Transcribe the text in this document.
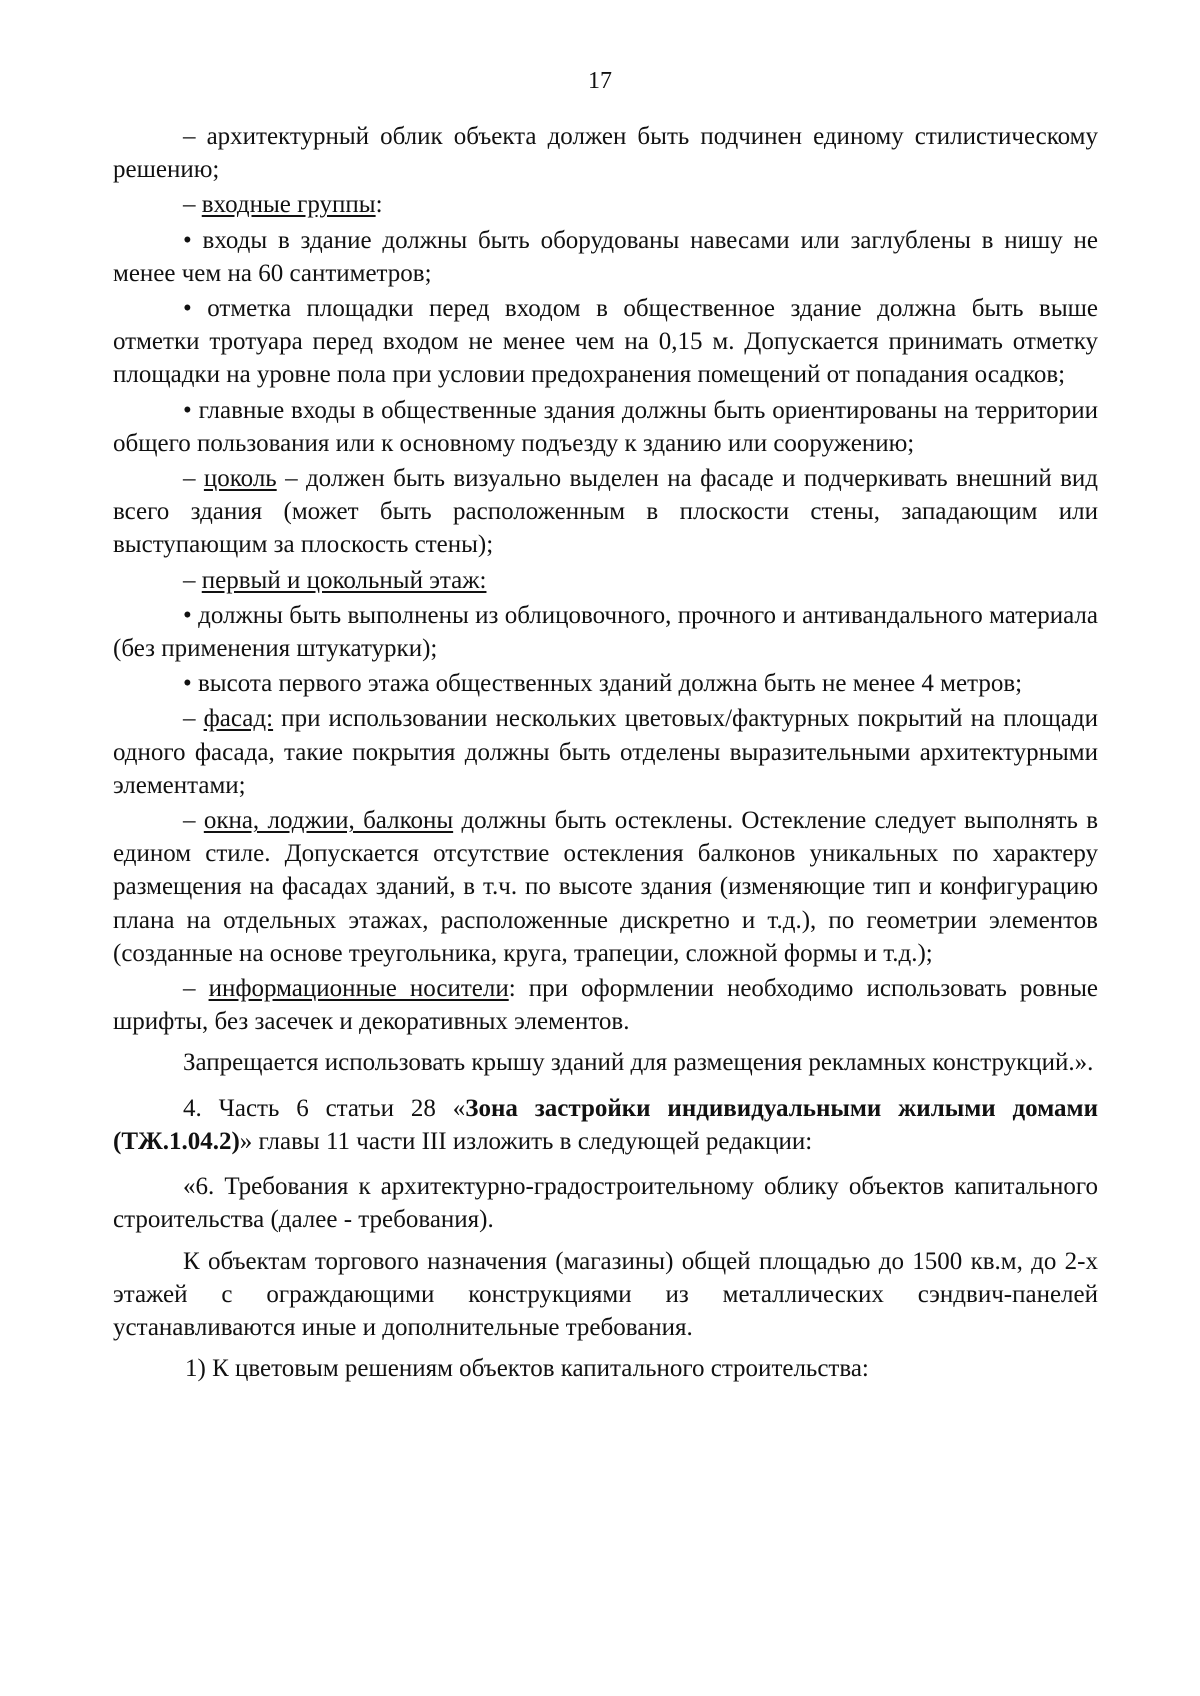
17

– архитектурный облик объекта должен быть подчинен единому стилистическому решению;

– входные группы:

• входы в здание должны быть оборудованы навесами или заглублены в нишу не менее чем на 60 сантиметров;

• отметка площадки перед входом в общественное здание должна быть выше отметки тротуара перед входом не менее чем на 0,15 м. Допускается принимать отметку площадки на уровне пола при условии предохранения помещений от попадания осадков;

• главные входы в общественные здания должны быть ориентированы на территории общего пользования или к основному подъезду к зданию или сооружению;

– цоколь – должен быть визуально выделен на фасаде и подчеркивать внешний вид всего здания (может быть расположенным в плоскости стены, западающим или выступающим за плоскость стены);

– первый и цокольный этаж:

• должны быть выполнены из облицовочного, прочного и антивандального материала (без применения штукатурки);

• высота первого этажа общественных зданий должна быть не менее 4 метров;

– фасад: при использовании нескольких цветовых/фактурных покрытий на площади одного фасада, такие покрытия должны быть отделены выразительными архитектурными элементами;

– окна, лоджии, балконы должны быть остеклены. Остекление следует выполнять в едином стиле. Допускается отсутствие остекления балконов уникальных по характеру размещения на фасадах зданий, в т.ч. по высоте здания (изменяющие тип и конфигурацию плана на отдельных этажах, расположенные дискретно и т.д.), по геометрии элементов (созданные на основе треугольника, круга, трапеции, сложной формы и т.д.);

– информационные носители: при оформлении необходимо использовать ровные шрифты, без засечек и декоративных элементов.

Запрещается использовать крышу зданий для размещения рекламных конструкций.».

4. Часть 6 статьи 28 «Зона застройки индивидуальными жилыми домами (ТЖ.1.04.2)» главы 11 части III изложить в следующей редакции:

«6. Требования к архитектурно-градостроительному облику объектов капитального строительства (далее - требования).

К объектам торгового назначения (магазины) общей площадью до 1500 кв.м, до 2-х этажей с ограждающими конструкциями из металлических сэндвич-панелей устанавливаются иные и дополнительные требования.

1) К цветовым решениям объектов капитального строительства:
